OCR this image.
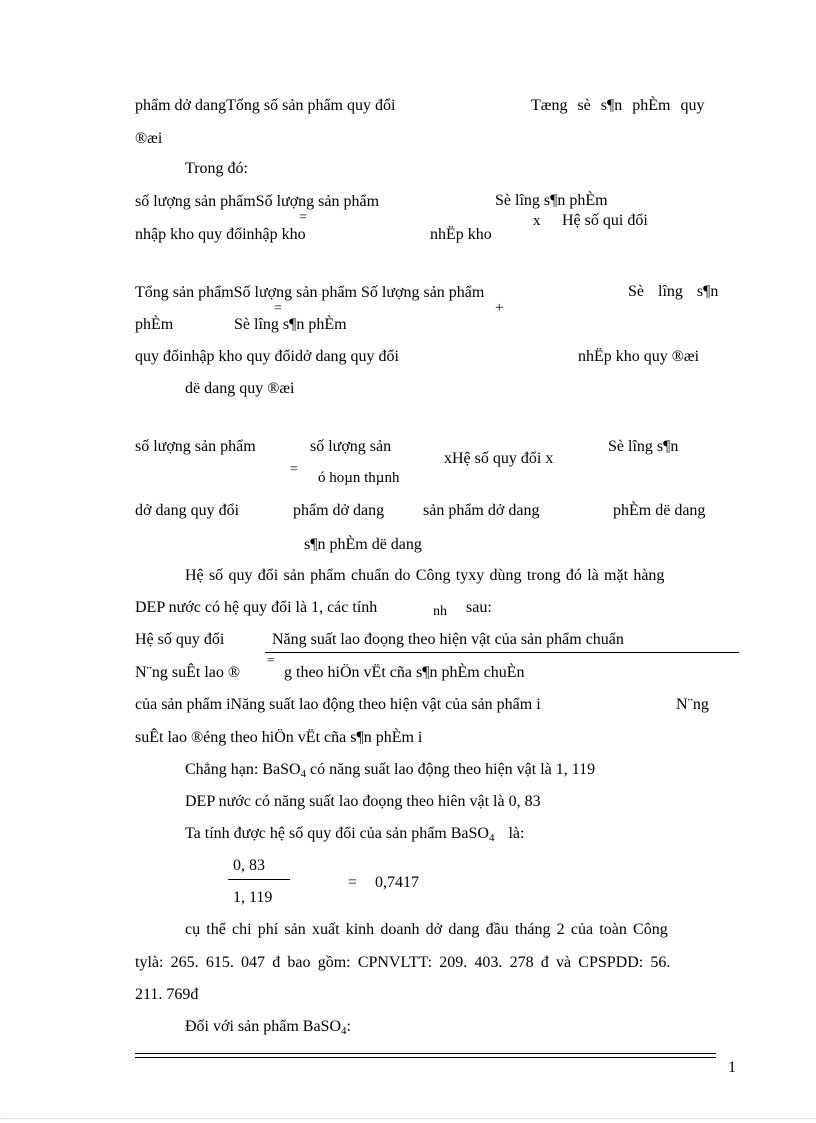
phẩm dở dangTổng số sản phẩm quy đổi	Tæng sè s¶n phÈm quy
®æi
Trong đó:
số lượng sản phẩmSố lượng sản phẩm	Sè lîng s¶n phÈm
=
nhập kho quy đổinhập kho	nhËp kho
x Hệ số qui đổi
Tổng sản phẩmSố lượng sản phẩm Số lượng sản phẩm	Sè lîng s¶n
=	+
phÈm	Sè lîng s¶n phÈm
quy đổinhập kho quy đổidở dang quy đổi	nhËp kho quy ®æi
dë dang quy ®æi
số lượng sản phẩm	số lượng sản
xHệ số quy đổi x
Sè lîng s¶n
=
ó hoµn thµnh
dở dang quy đổi	phẩm dở dang sản phẩm dở dang	phÈm dë dang
s¶n phÈm dë dang
Hệ số quy đổi sản phẩm chuẩn do Công tyxy dùng trong đó là mặt hàng
DEP nước có hệ quy đổi là 1, các tính	nh sau:
Hệ số quy đổi	Năng suất lao đoọng theo hiện vật của sản phẩm chuẩn
N¨ng suÊt lao ®
=
g theo hiÖn vËt cña s¶n phÈm chuÈn
của sản phẩm iNăng suất lao động theo hiện vật của sản phẩm i	N¨ng
suÊt lao ®éng theo hiÖn vËt cña s¶n phÈm i
Chẳng hạn: BaSO$_4$ có năng suất lao động theo hiện vật là 1, 119
DEP nước có năng suất lao đoọng theo hiên vật là 0, 83
Ta tính được hệ số quy đổi của sản phẩm BaSO$_4$ là:
0, 83
1, 119
= 0,7417
cụ thể chi phí sản xuất kinh doanh dở dang đầu tháng 2 của toàn Công
tylà: 265. 615. 047 đ bao gồm: CPNVLTT: 209. 403. 278 đ và CPSPDD: 56.
211. 769đ
Đối với sản phẩm BaSO$_4$:
1
